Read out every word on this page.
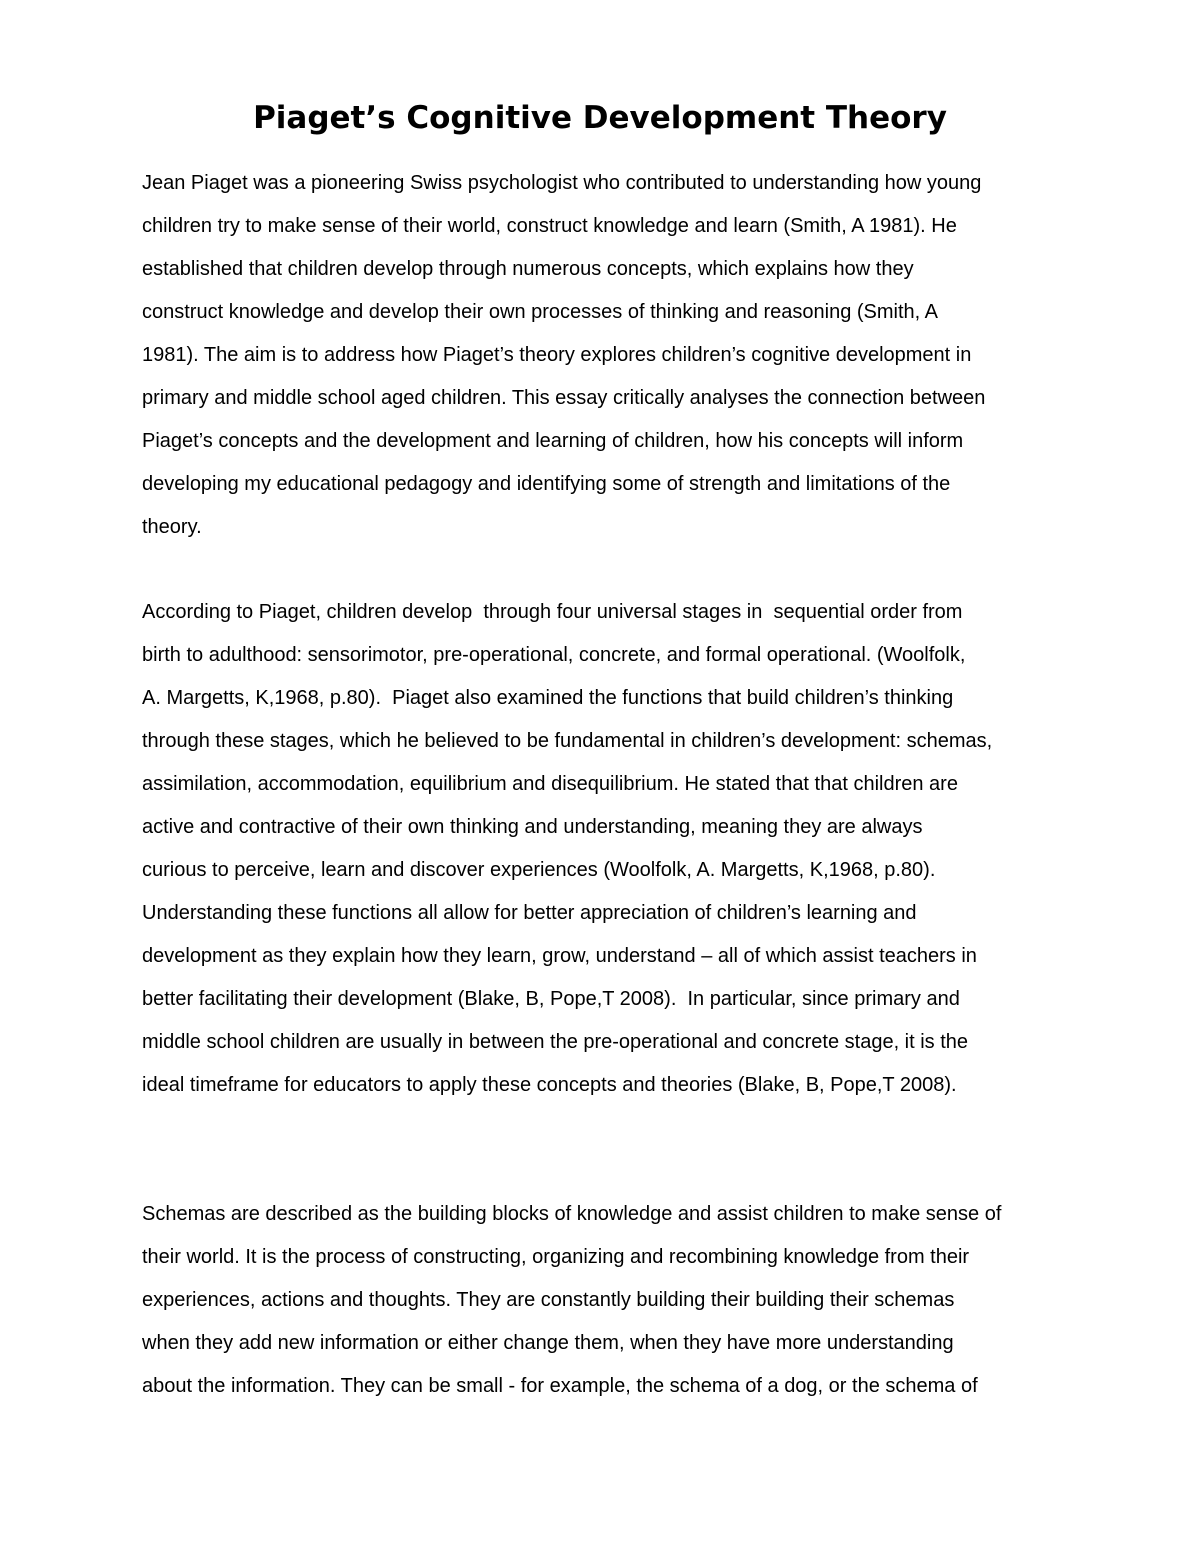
Piaget’s Cognitive Development Theory
Jean Piaget was a pioneering Swiss psychologist who contributed to understanding how young
children try to make sense of their world, construct knowledge and learn (Smith, A 1981). He
established that children develop through numerous concepts, which explains how they
construct knowledge and develop their own processes of thinking and reasoning (Smith, A
1981). The aim is to address how Piaget’s theory explores children’s cognitive development in
primary and middle school aged children. This essay critically analyses the connection between
Piaget’s concepts and the development and learning of children, how his concepts will inform
developing my educational pedagogy and identifying some of strength and limitations of the
theory.
According to Piaget, children develop  through four universal stages in  sequential order from
birth to adulthood: sensorimotor, pre-operational, concrete, and formal operational. (Woolfolk,
A. Margetts, K,1968, p.80).  Piaget also examined the functions that build children’s thinking
through these stages, which he believed to be fundamental in children’s development: schemas,
assimilation, accommodation, equilibrium and disequilibrium. He stated that that children are
active and contractive of their own thinking and understanding, meaning they are always
curious to perceive, learn and discover experiences (Woolfolk, A. Margetts, K,1968, p.80).
Understanding these functions all allow for better appreciation of children’s learning and
development as they explain how they learn, grow, understand – all of which assist teachers in
better facilitating their development (Blake, B, Pope,T 2008).  In particular, since primary and
middle school children are usually in between the pre-operational and concrete stage, it is the
ideal timeframe for educators to apply these concepts and theories (Blake, B, Pope,T 2008).
Schemas are described as the building blocks of knowledge and assist children to make sense of
their world. It is the process of constructing, organizing and recombining knowledge from their
experiences, actions and thoughts. They are constantly building their building their schemas
when they add new information or either change them, when they have more understanding
about the information. They can be small - for example, the schema of a dog, or the schema of
